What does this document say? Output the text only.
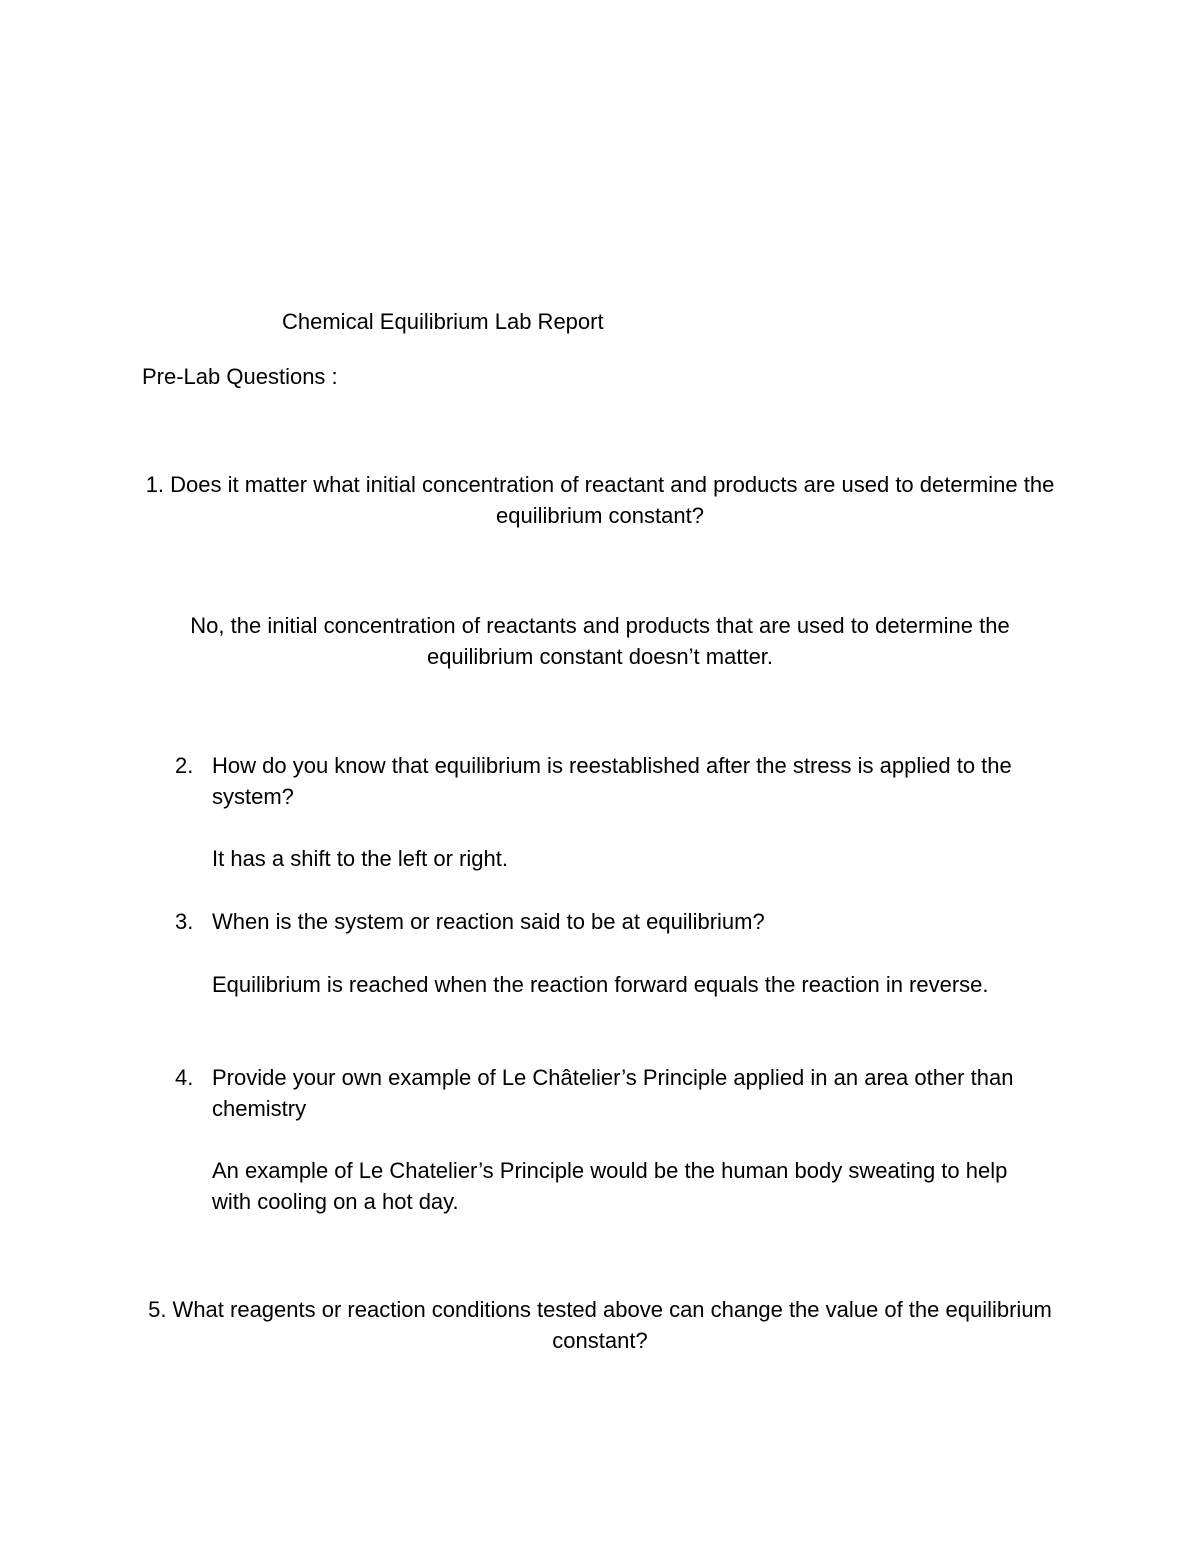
Chemical Equilibrium Lab Report

Pre-Lab Questions :

1. Does it matter what initial concentration of reactant and products are used to determine the equilibrium constant?

No, the initial concentration of reactants and products that are used to determine the equilibrium constant doesn’t matter.

2. How do you know that equilibrium is reestablished after the stress is applied to the system?

It has a shift to the left or right.

3. When is the system or reaction said to be at equilibrium?

Equilibrium is reached when the reaction forward equals the reaction in reverse.

4. Provide your own example of Le Châtelier’s Principle applied in an area other than chemistry

An example of Le Chatelier’s Principle would be the human body sweating to help with cooling on a hot day.

5. What reagents or reaction conditions tested above can change the value of the equilibrium constant?
